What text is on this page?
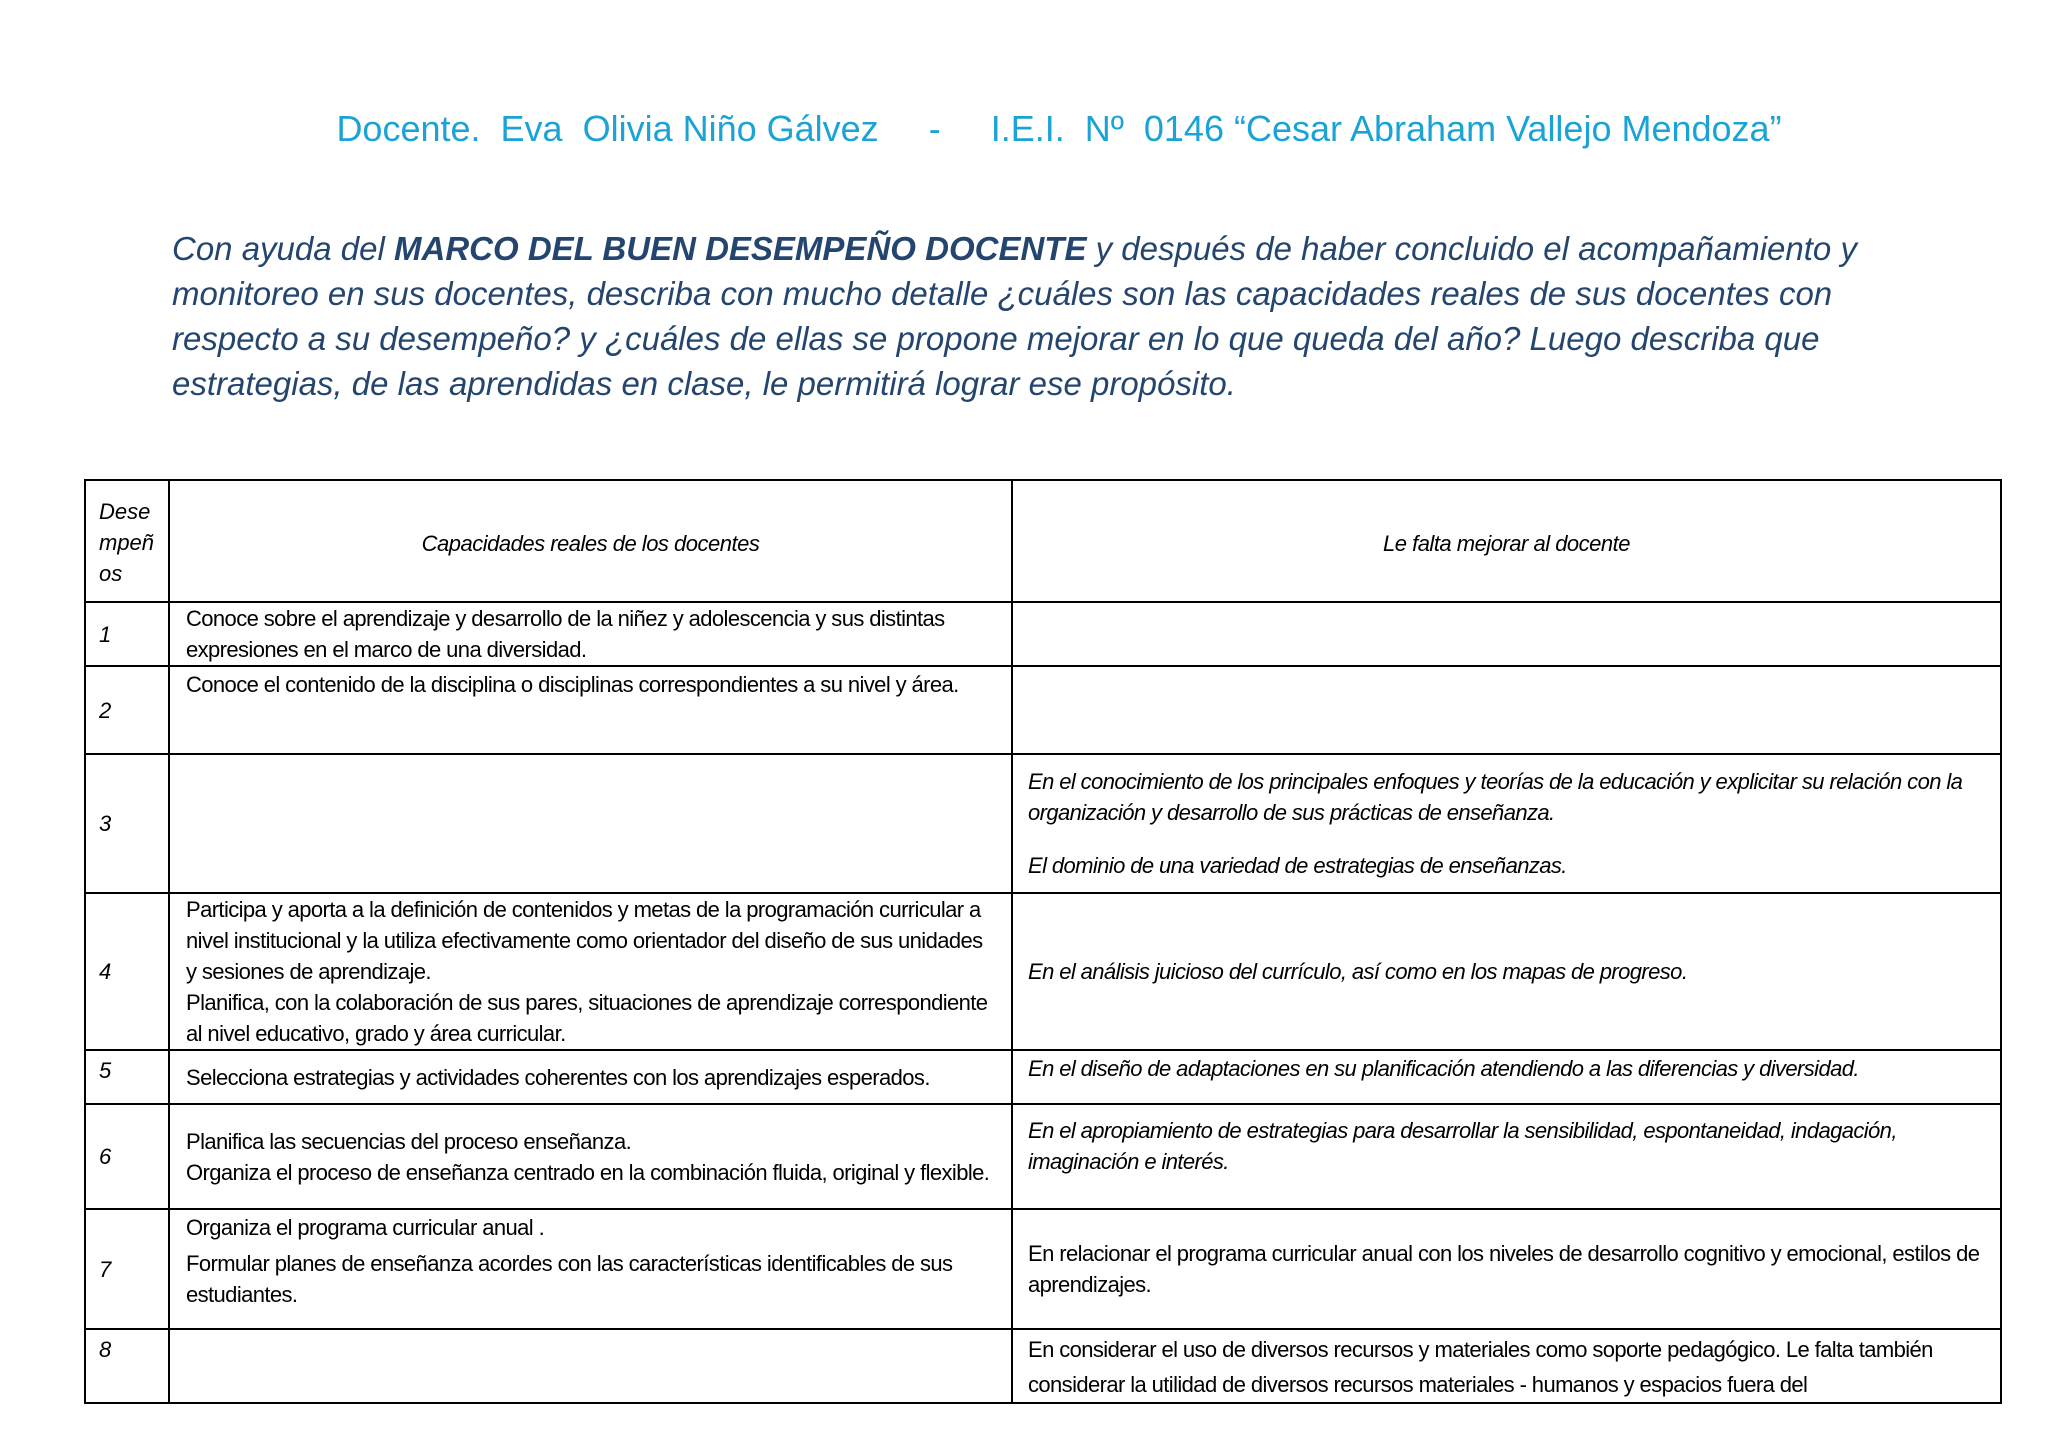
Docente.  Eva  Olivia Niño Gálvez - I.E.I.  Nº  0146 “Cesar Abraham Vallejo Mendoza”
Con ayuda del MARCO DEL BUEN DESEMPEÑO DOCENTE y después de haber concluido el acompañamiento y monitoreo en sus docentes, describa con mucho detalle ¿cuáles son las capacidades reales de sus docentes con respecto a su desempeño? y ¿cuáles de ellas se propone mejorar en lo que queda del año? Luego describa que estrategias, de las aprendidas en clase, le permitirá lograr ese propósito.
Dese
mpeñ
os	Capacidades reales de los docentes	Le falta mejorar al docente
1	Conoce sobre el aprendizaje y desarrollo de la niñez y adolescencia y sus distintas expresiones en el marco de una diversidad.	

2	Conoce el contenido de la disciplina o disciplinas correspondientes a su nivel y área.	

3		En el conocimiento de los principales enfoques y teorías de la educación y explicitar su relación con la organización y desarrollo de sus prácticas de enseñanza.
El dominio de una variedad de estrategias de enseñanzas.

4	Participa y aporta a la definición de contenidos y metas de la programación curricular a nivel institucional y la utiliza efectivamente como orientador del diseño de sus unidades y sesiones de aprendizaje.
Planifica, con la colaboración de sus pares, situaciones de aprendizaje correspondiente al nivel educativo, grado y área curricular.	En el análisis juicioso del currículo, así como en los mapas de progreso.

5	Selecciona estrategias y actividades coherentes con los aprendizajes esperados.	En el diseño de adaptaciones en su planificación atendiendo a las diferencias y diversidad.

6	Planifica las secuencias del proceso enseñanza.
Organiza el proceso de enseñanza centrado en la combinación fluida, original y flexible.	En el apropiamiento de estrategias para desarrollar la sensibilidad, espontaneidad, indagación, imaginación e interés.

7	Organiza el programa curricular anual .
Formular planes de enseñanza acordes con las características identificables de sus estudiantes.	En relacionar el programa curricular anual con los niveles de desarrollo cognitivo y emocional, estilos de aprendizajes.

8		En considerar el uso de diversos recursos y materiales como soporte pedagógico. Le falta también considerar la utilidad de diversos recursos materiales - humanos y espacios fuera del
